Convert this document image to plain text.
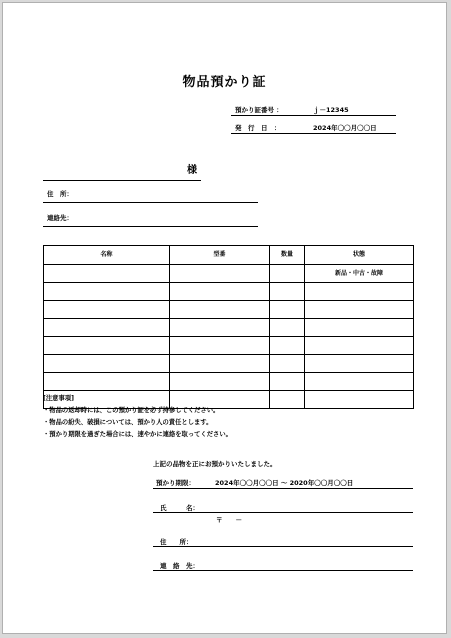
物品預かり証
預かり証番号 ：	ｊ－12345
発　行　日　：	2024年〇〇月〇〇日
様
住　所：
連絡先：
名称	型番	数量	状態
			新品・中古・故障

[注意事項]
・物品の返却時には、この預かり証を必ず持参してください。
・物品の紛失、破損については、預かり人の責任とします。
・預かり期限を過ぎた場合には、速やかに連絡を取ってください。
上記の品物を正にお預かりいたしました。
預かり期限：	2024年〇〇月〇〇日 ～ 2020年〇〇月〇〇日
氏　　　名：
〒　　－
住　　所：
連　絡　先：
